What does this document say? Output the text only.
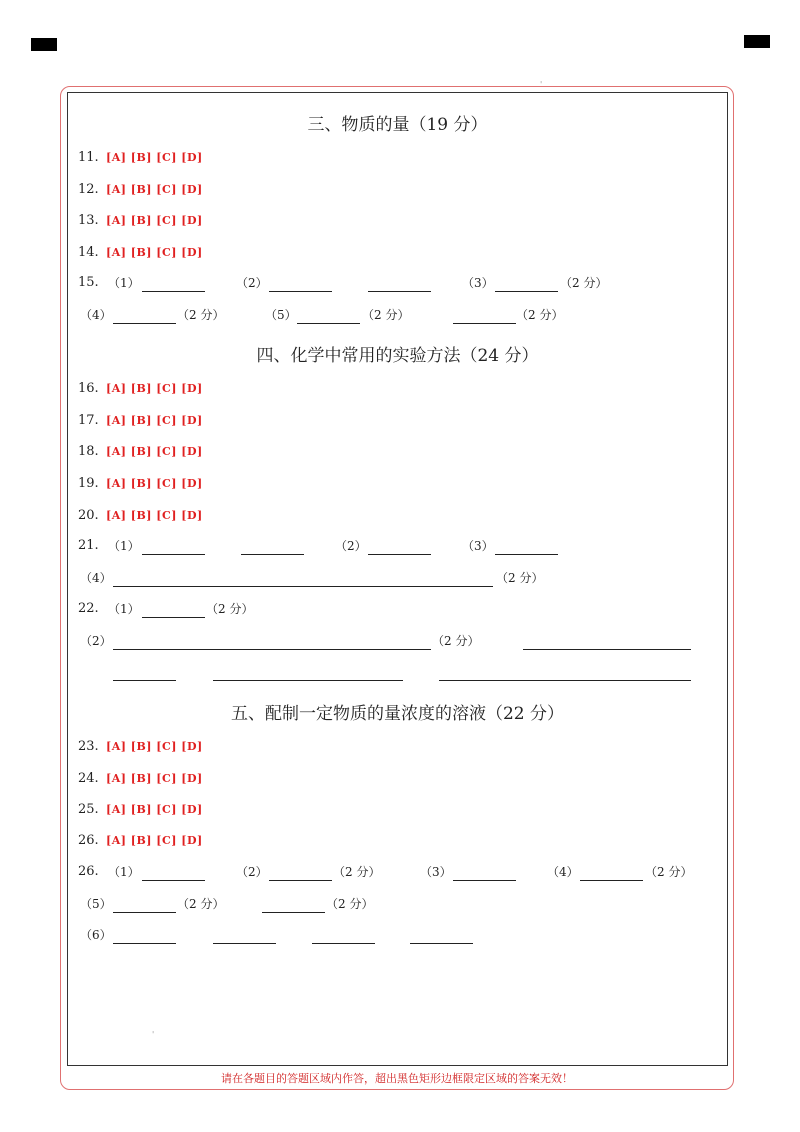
三、物质的量（19 分）
11. [A] [B] [C] [D]
12. [A] [B] [C] [D]
13. [A] [B] [C] [D]
14. [A] [B] [C] [D]
15. （1）	（2）	（3）	（2 分）
（4）	（2 分）	（5）	（2 分）	（2 分）
四、化学中常用的实验方法（24 分）
16. [A] [B] [C] [D]
17. [A] [B] [C] [D]
18. [A] [B] [C] [D]
19. [A] [B] [C] [D]
20. [A] [B] [C] [D]
21. （1）	（2）	（3）
（4）	（2 分）
22. （1）	（2 分）
（2）	（2 分）
五、配制一定物质的量浓度的溶液（22 分）
23. [A] [B] [C] [D]
24. [A] [B] [C] [D]
25. [A] [B] [C] [D]
26. [A] [B] [C] [D]
26. （1）	（2）	（2 分）	（3）	（4）	（2 分）
（5）	（2 分）	（2 分）
（6）
'
'
请在各题目的答题区域内作答，超出黑色矩形边框限定区域的答案无效！
